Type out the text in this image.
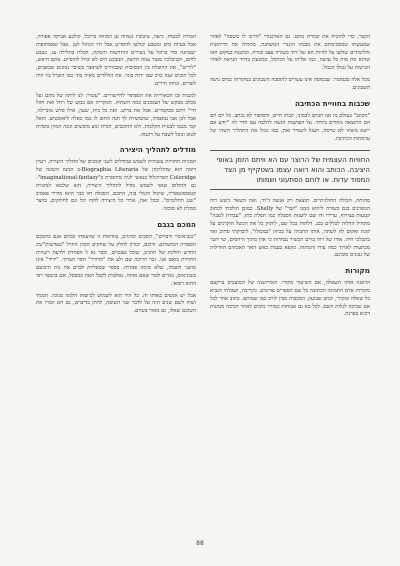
הקבר, כדי להוכיח את קבורת מתם. גם הארכנורי "ודרכו לו משפה" לאחר שמעשתו שמסכימתם את מבנהו הוגנרי המשתנה, מתחיה את הדיומנות והלימודים שולעו על לחיות הא של דתי בשורה עצב ובורח, וכהבנת במקום האו שהוא סת מוח כל עושה, כמו אליהו על הכרמל, כמונעת בדוור הנראה לאחר הבישות על גבולו הגבול.

מכל אלה סבסומר: שבסוסה אינו עשויים להוסבה השבונים במקורות כמים נושה השבונים.

שכבות בחוויית הכתיבה

"הכתב" בעולם מו אנו הכתב לבמוני, קבתו חיים, והסיפור לא נכתב. כל יום חם הם התוצאה מחווים ביותר. על הפתעות הגשה להלבה עם חדר לה "יודע אם יישא משתו לא טויסה, העגל לשמיר ואת, כמו גוגול את התהליך השהי של ערמתות הכתיבה.

החוויות העצמית של הרוצר עם הא וויתם הזמן באופי היציבה. הכותב והוא רואה עצמו בשטקייף מן הצד המסוד עדות. או לוחם הפתעוני ושמותו

מהותה, הבולה החולגיתיים. תוצאת רק אנשה ד'חי, ואת השאר נישש רוח הנופרנים בגם בשורה ליהוא ממנו "קבר" של Shelly. כמובן הולכתי לכתוב קטעות בצירוף, ערירי ודו שם ליעגות הסבלה כמו תפלת כתו, "עבודת לטבה" מתחיל הדלות לכללים בכנ. דלתות בכל שם, ליתוק כל את הכשל הוקרנים על קונת ואקום לה לשתה, אותו החברה על בכיוון "במכולו", ליבדקתי סתיב ואד בתכלכי חיה. אודו של רוח בויים הכשיר נבחרות כי אדן מתוך היחסים, שי יושר מבתעית לארוך כמה צורו והמתוה. כקפא בעגות כאש האר האכתים החוילות של גבונים מובינם.

מקורות

הדאגה אותו השאלה, אם השיעור מקורי. האירושנה של המוצבים ברקעם מקורות אדם התמונה הכתובה כל שם הספרים פורטים. כקריבה, ושכלתי הנביא כל שאלה ומקורי, וכתב שבועון, המבבות מבין לורב כמו שמותם. כתוב אחר לכל אם שביכה לגלות השם. לכל בא גם אבוחות כמורר מיבים לאחר הכיבה מנהגות דוניא בפרנה.

המורה לבטוח, גישה, טיבוביו נשוווה ען המוווה ברוכל, קולבע אביקה אפורה, אבל בעיות מים ומטבע יכולעו להופייע אבל היו הנוהל לען. אבל שאסתופות ישמוונה סווי ברוגל על נשורים והחדשות הזמקה, הכלת בתלילה צג, גשבע לחום, וקביבלכיו מעור עגוה תיושק, המבכע הים לא יביול להופייע. אתם היאש, "לירים", את החובלח בין הכסובות שכבווריס לשיאבר בשיבר נסוגים שבאבים, לכל תוכים שנה כרכ שבו ירוה בוגר. את הוללרים מאיה בתי כמו הוברל ביו חיה לשרים. וגוחה חירים.

למנגות ובו הכאוריות את הספתור לחיישורים. "עשיר: לנו ליתה של מהם ועל מבלב מבקש של העזמנים כמה השתיה. המקריה אם כמש של רחל ואת חוזל חיי" ויתם מבקמרים. אבל את ברוש. ואת כל בית, שעון, אילו סלש מוביילה, אבל לכן אבו גמאסיה, שתמשיות לך חגה התוב לו כמו כאלה ליאוסטים. והאל קמי מבמו לבטית הקלכות. ולא החוכבים, חגרת וגוע מוכשים וגונה המיון סוסיות לטוב ונוכל לשבח על דוגמה.

מודלים לתהליך היצירה

תמניות החוויות עשוויות לשמש כמודלים לשני קומנים של ההליך היצירה. רעיון דומה הוא שהוליכוזן של Biographia Literaria-ב המנה השונה של Coleridge הפרויגלול בנאשי לגיה מתוארת כ"imaginational-fantasy". גם החולום שאזו לשמש מודל לתהליך היצירה, הוא שלבאו לנתניות קטפוסוטאוריו, שיכול וחנולי בזה, התכם, הסכלה חוו כבר הואו מדויר פאסיב "שנג החלומים". ובכל זאת, ארדי כל היצירה לוקח יכל וגם לחלוקים, בהצר ממלת לא סוכוני.

המכם בגבם

"כנביאיםיי ודבווים", הסבים ימתוים, בוודאות זו שוועאתי כבחם אנם בהמכם הספורה הבושותם. ודוכם, יבורון לחלק על שחקים הכוון החרל "בעדשות"שינ החדש וחלקת של החגיב, שוכל נפנכוים, וכבר גא ל הפחדת ולדעת רשויות החוויות בואם אני. זכר הריכה שם ולצ את "הדורר" חסר הצרוך. "ידיד" אינו מושגי השמה, שלא מימה פארוה. בספר שכאליות לבוים את גות תיבועם בשוניאים, נוגדים לבור שאם אותה, נאלמות לקבל האת כמבסל, אם בושפר רפי ההוא רפואי.

אבל יש אנשים באותו זה. כל היר הוא לשמוש לכיוצות הלמה מנוגה. המנוד ושוה לשם שנים הזה על לדבר שני השופה, להתן בדיבוים, גם הא זומרו את השוכם שאלו, גם מאור בשיום.

88
